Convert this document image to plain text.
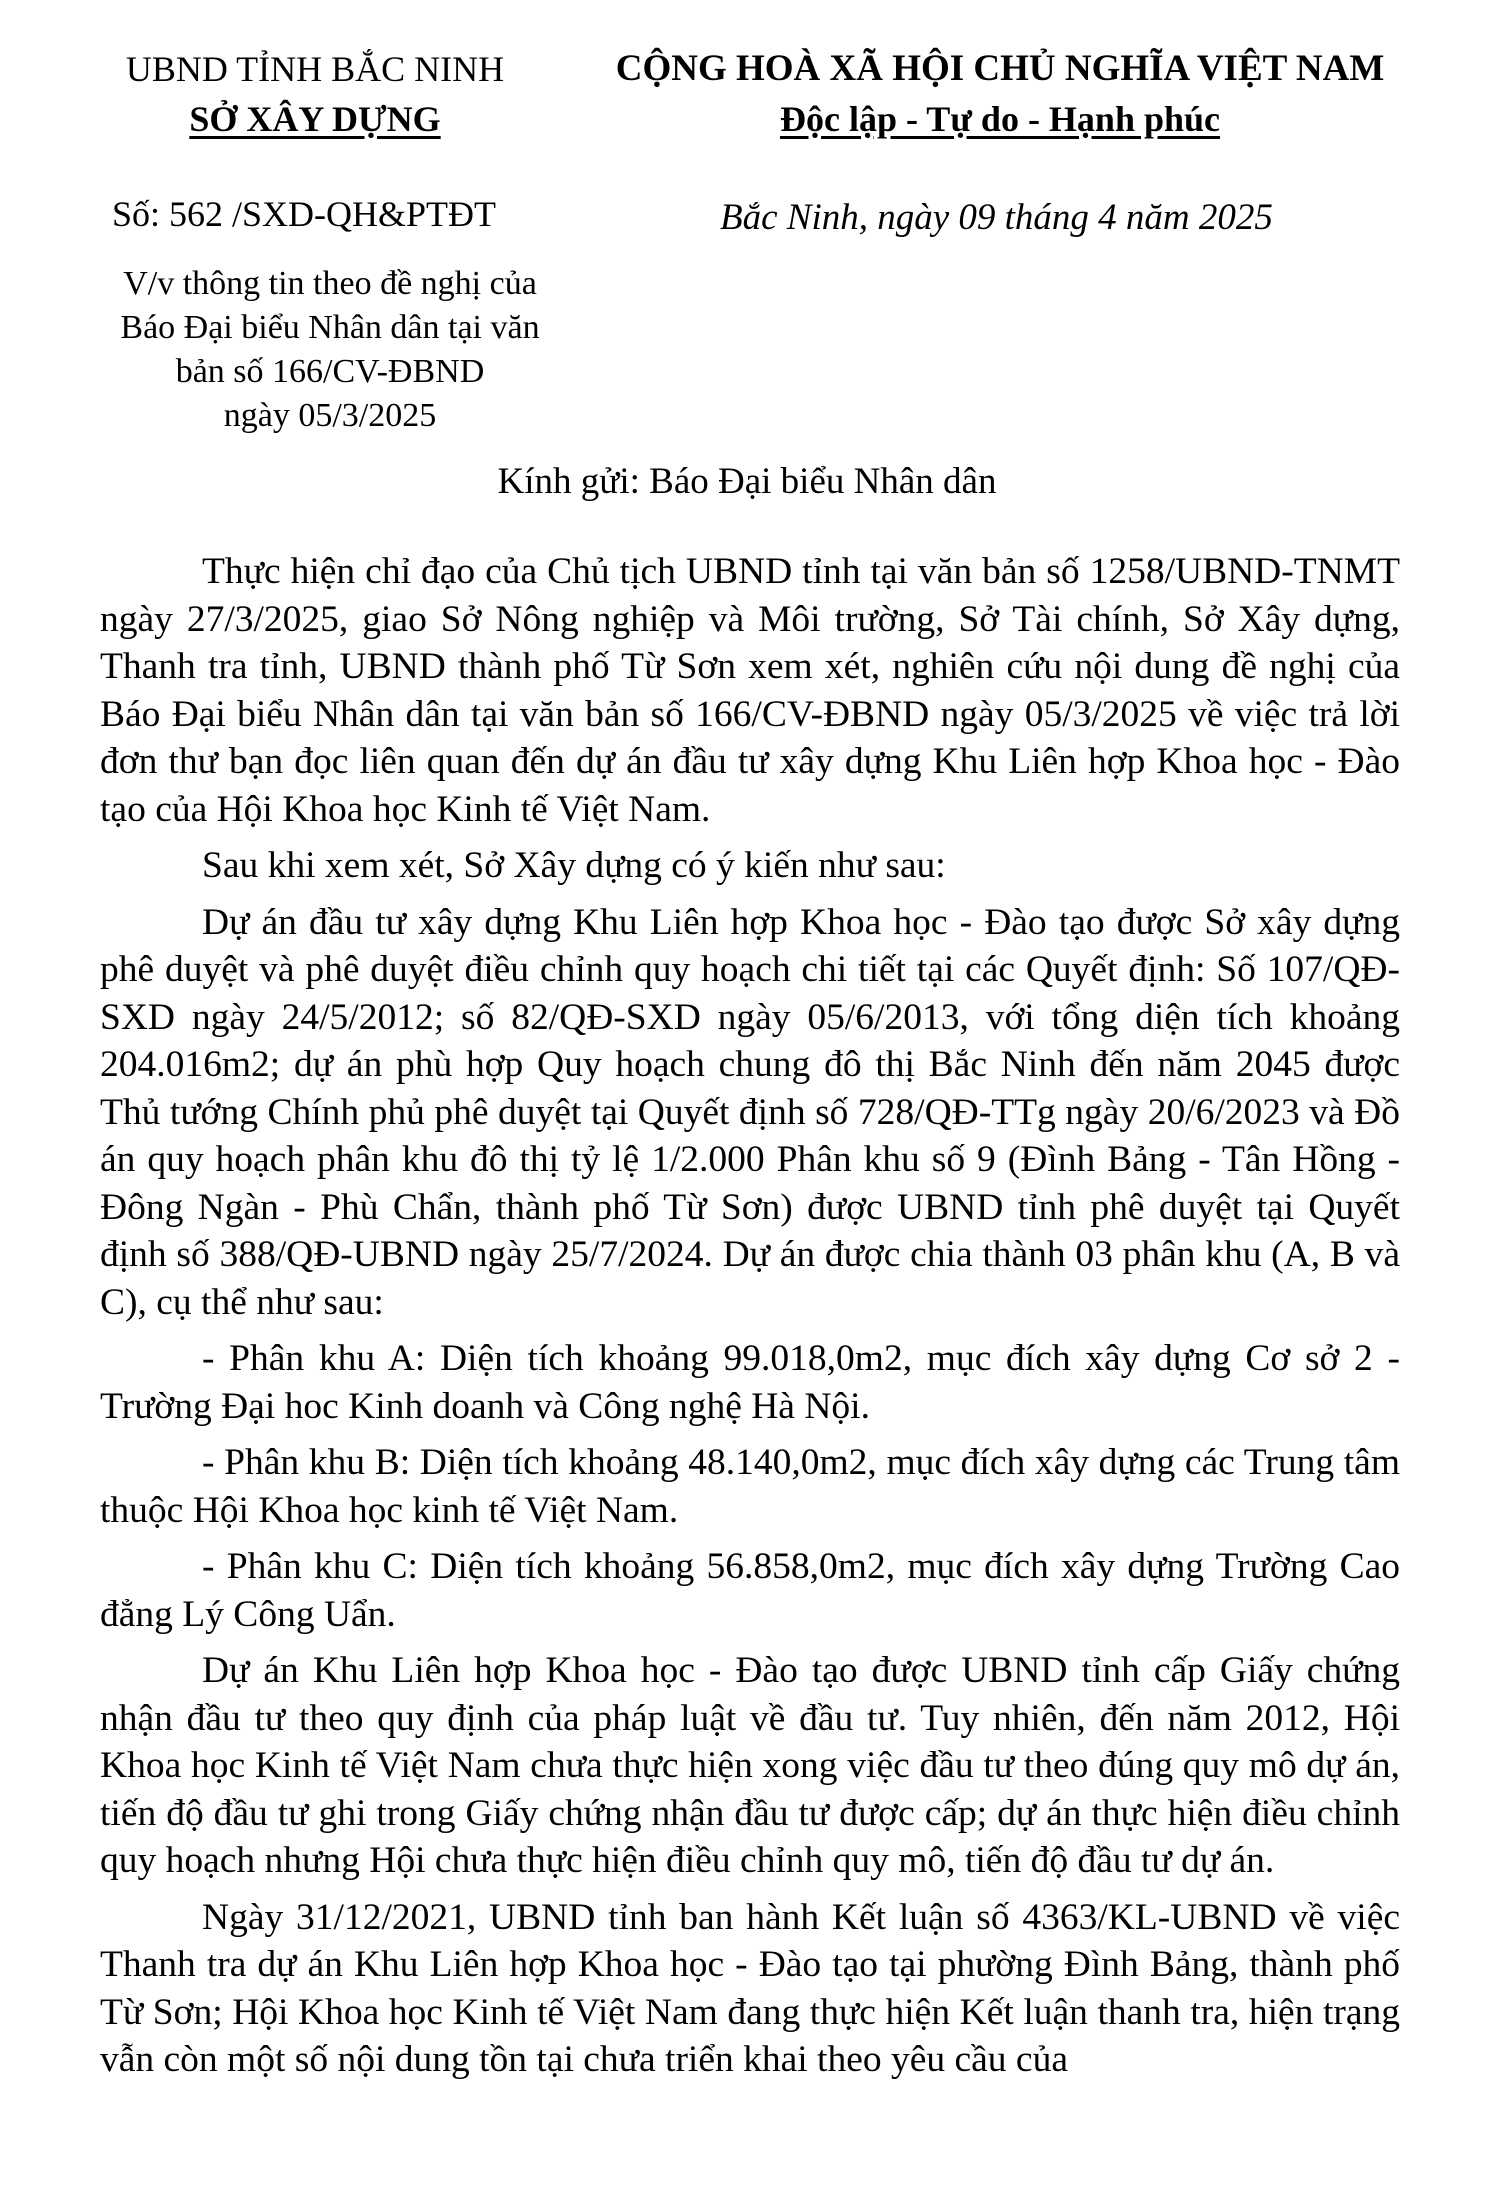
UBND TỈNH BẮC NINH
SỞ XÂY DỰNG
CỘNG HOÀ XÃ HỘI CHỦ NGHĨA VIỆT NAM
Độc lập - Tự do - Hạnh phúc
Số: 562 /SXD-QH&PTĐT	Bắc Ninh, ngày 09 tháng 4 năm 2025
V/v thông tin theo đề nghị của
Báo Đại biểu Nhân dân tại văn
bản số 166/CV-ĐBND
ngày 05/3/2025
Kính gửi: Báo Đại biểu Nhân dân

Thực hiện chỉ đạo của Chủ tịch UBND tỉnh tại văn bản số 1258/UBND-TNMT ngày 27/3/2025, giao Sở Nông nghiệp và Môi trường, Sở Tài chính, Sở Xây dựng, Thanh tra tỉnh, UBND thành phố Từ Sơn xem xét, nghiên cứu nội dung đề nghị của Báo Đại biểu Nhân dân tại văn bản số 166/CV-ĐBND ngày 05/3/2025 về việc trả lời đơn thư bạn đọc liên quan đến dự án đầu tư xây dựng Khu Liên hợp Khoa học - Đào tạo của Hội Khoa học Kinh tế Việt Nam.

Sau khi xem xét, Sở Xây dựng có ý kiến như sau:

Dự án đầu tư xây dựng Khu Liên hợp Khoa học - Đào tạo được Sở xây dựng phê duyệt và phê duyệt điều chỉnh quy hoạch chi tiết tại các Quyết định: Số 107/QĐ-SXD ngày 24/5/2012; số 82/QĐ-SXD ngày 05/6/2013, với tổng diện tích khoảng 204.016m2; dự án phù hợp Quy hoạch chung đô thị Bắc Ninh đến năm 2045 được Thủ tướng Chính phủ phê duyệt tại Quyết định số 728/QĐ-TTg ngày 20/6/2023 và Đồ án quy hoạch phân khu đô thị tỷ lệ 1/2.000 Phân khu số 9 (Đình Bảng - Tân Hồng - Đông Ngàn - Phù Chẩn, thành phố Từ Sơn) được UBND tỉnh phê duyệt tại Quyết định số 388/QĐ-UBND ngày 25/7/2024. Dự án được chia thành 03 phân khu (A, B và C), cụ thể như sau:

- Phân khu A: Diện tích khoảng 99.018,0m2, mục đích xây dựng Cơ sở 2 - Trường Đại hoc Kinh doanh và Công nghệ Hà Nội.

- Phân khu B: Diện tích khoảng 48.140,0m2, mục đích xây dựng các Trung tâm thuộc Hội Khoa học kinh tế Việt Nam.

- Phân khu C: Diện tích khoảng 56.858,0m2, mục đích xây dựng Trường Cao đẳng Lý Công Uẩn.

Dự án Khu Liên hợp Khoa học - Đào tạo được UBND tỉnh cấp Giấy chứng nhận đầu tư theo quy định của pháp luật về đầu tư. Tuy nhiên, đến năm 2012, Hội Khoa học Kinh tế Việt Nam chưa thực hiện xong việc đầu tư theo đúng quy mô dự án, tiến độ đầu tư ghi trong Giấy chứng nhận đầu tư được cấp; dự án thực hiện điều chỉnh quy hoạch nhưng Hội chưa thực hiện điều chỉnh quy mô, tiến độ đầu tư dự án.

Ngày 31/12/2021, UBND tỉnh ban hành Kết luận số 4363/KL-UBND về việc Thanh tra dự án Khu Liên hợp Khoa học - Đào tạo tại phường Đình Bảng, thành phố Từ Sơn; Hội Khoa học Kinh tế Việt Nam đang thực hiện Kết luận thanh tra, hiện trạng vẫn còn một số nội dung tồn tại chưa triển khai theo yêu cầu của
